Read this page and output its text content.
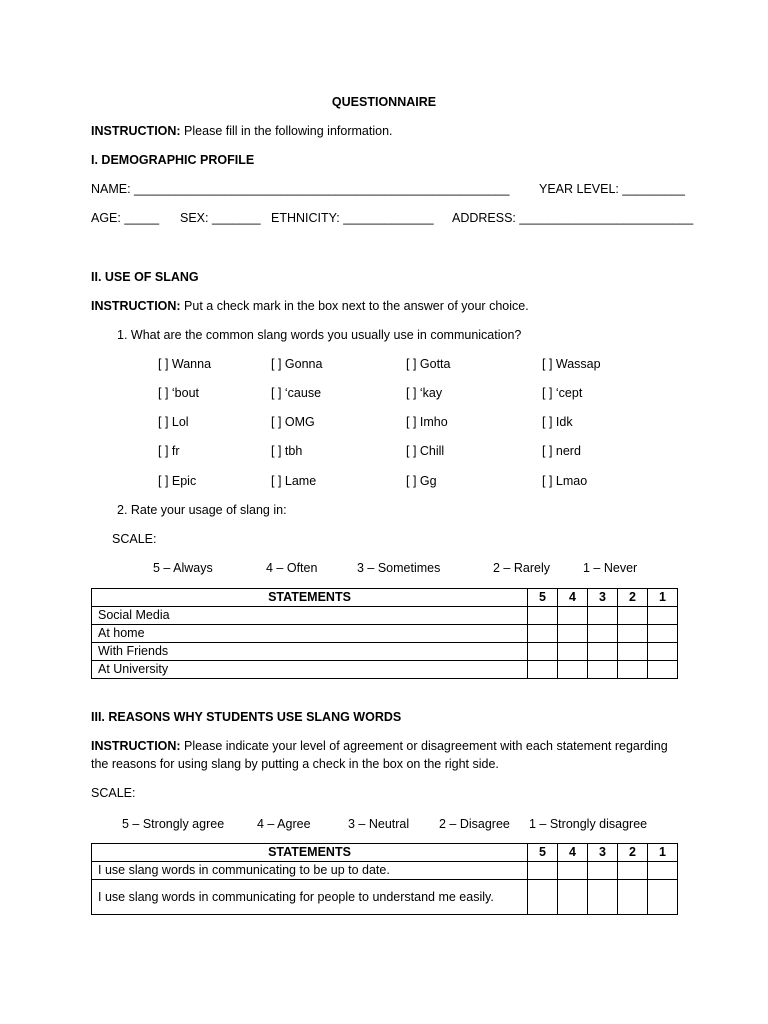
QUESTIONNAIRE
INSTRUCTION: Please fill in the following information.
I. DEMOGRAPHIC PROFILE
NAME: ______________________________________________________ YEAR LEVEL: _________
AGE: _____ SEX: _______ ETHNICITY: _____________ ADDRESS: _________________________
II. USE OF SLANG
INSTRUCTION: Put a check mark in the box next to the answer of your choice.
1. What are the common slang words you usually use in communication?
[ ] Wanna	[ ] Gonna	[ ] Gotta	[ ] Wassap
[ ] ‘bout	[ ] ‘cause	[ ] ‘kay	[ ] ‘cept
[ ] Lol	[ ] OMG	[ ] Imho	[ ] Idk
[ ] fr	[ ] tbh	[ ] Chill	[ ] nerd
[ ] Epic	[ ] Lame	[ ] Gg	[ ] Lmao
2. Rate your usage of slang in:
SCALE:
5 – Always	4 – Often	3 – Sometimes	2 – Rarely	1 – Never
STATEMENTS	5	4	3	2	1
Social Media					
At home					
With Friends					
At University					
III. REASONS WHY STUDENTS USE SLANG WORDS
INSTRUCTION: Please indicate your level of agreement or disagreement with each statement regarding
the reasons for using slang by putting a check in the box on the right side.
SCALE:
5 – Strongly agree	4 – Agree	3 – Neutral 2 – Disagree 1 – Strongly disagree
STATEMENTS	5	4	3	2	1
I use slang words in communicating to be up to date.					
I use slang words in communicating for people to understand me easily.					
